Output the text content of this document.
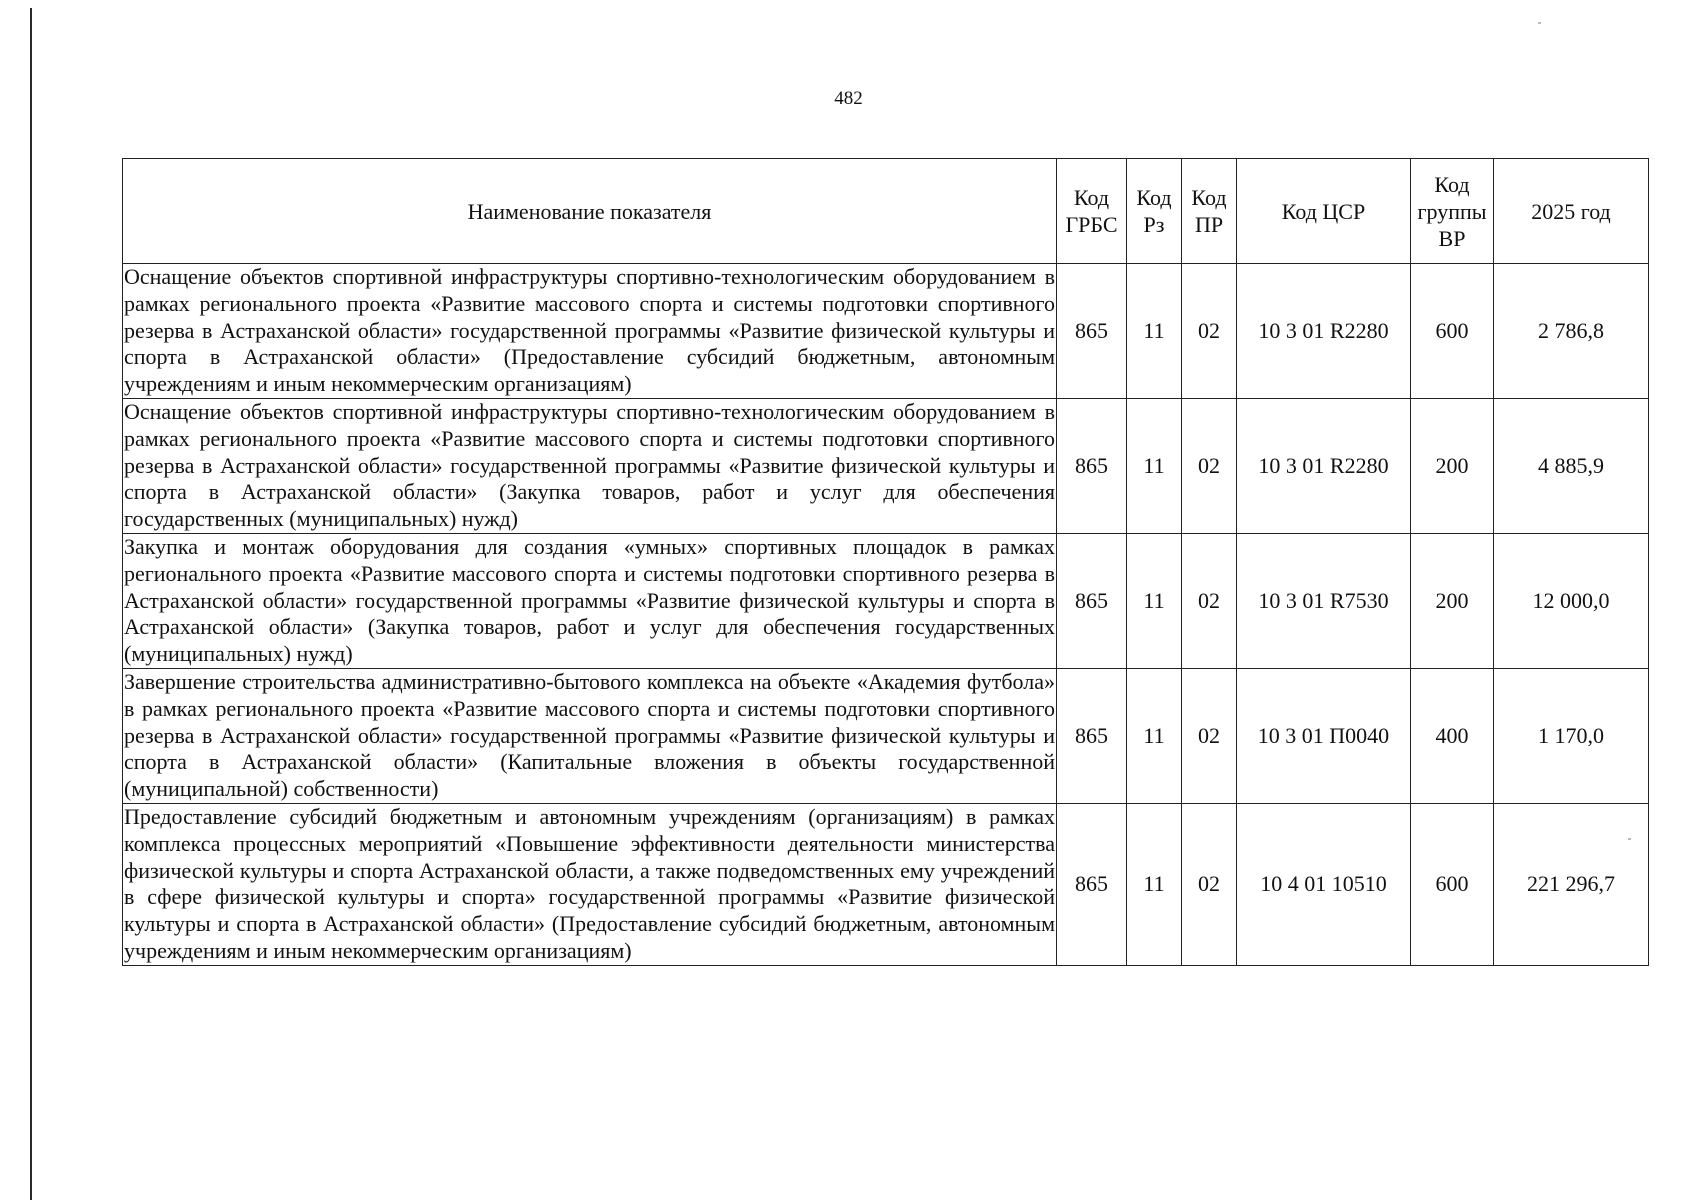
482
Наименование показателя	Код ГРБС	Код Рз	Код ПР	Код ЦСР	Код группы ВР	2025 год
Оснащение объектов спортивной инфраструктуры спортивно-технологическим оборудованием в рамках регионального проекта «Развитие массового спорта и системы подготовки спортивного резерва в Астраханской области» государственной программы «Развитие физической культуры и спорта в Астраханской области» (Предоставление субсидий бюджетным, автономным учреждениям и иным некоммерческим организациям)	865	11	02	10 3 01 R2280	600	2 786,8
Оснащение объектов спортивной инфраструктуры спортивно-технологическим оборудованием в рамках регионального проекта «Развитие массового спорта и системы подготовки спортивного резерва в Астраханской области» государственной программы «Развитие физической культуры и спорта в Астраханской области» (Закупка товаров, работ и услуг для обеспечения государственных (муниципальных) нужд)	865	11	02	10 3 01 R2280	200	4 885,9
Закупка и монтаж оборудования для создания «умных» спортивных площадок в рамках регионального проекта «Развитие массового спорта и системы подготовки спортивного резерва в Астраханской области» государственной программы «Развитие физической культуры и спорта в Астраханской области» (Закупка товаров, работ и услуг для обеспечения государственных (муниципальных) нужд)	865	11	02	10 3 01 R7530	200	12 000,0
Завершение строительства административно-бытового комплекса на объекте «Академия футбола» в рамках регионального проекта «Развитие массового спорта и системы подготовки спортивного резерва в Астраханской области» государственной программы «Развитие физической культуры и спорта в Астраханской области» (Капитальные вложения в объекты государственной (муниципальной) собственности)	865	11	02	10 3 01 П0040	400	1 170,0
Предоставление субсидий бюджетным и автономным учреждениям (организациям) в рамках комплекса процессных мероприятий «Повышение эффективности деятельности министерства физической культуры и спорта Астраханской области, а также подведомственных ему учреждений в сфере физической культуры и спорта» государственной программы «Развитие физической культуры и спорта в Астраханской области» (Предоставление субсидий бюджетным, автономным учреждениям и иным некоммерческим организациям)	865	11	02	10 4 01 10510	600	221 296,7
